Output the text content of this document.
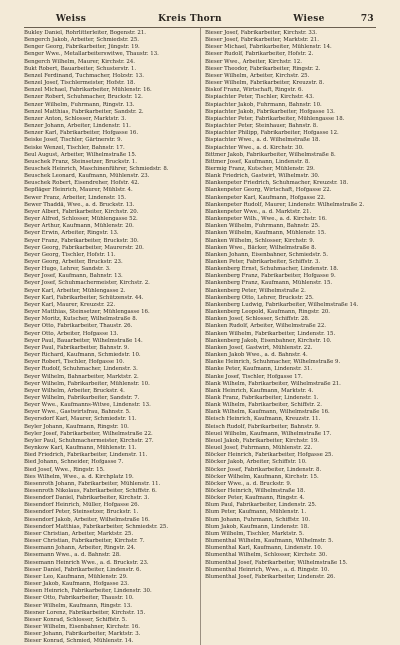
Weiss	Kreis Thorn	Wiese	73
Bukley Daniel, Rohrlitterleiter, Bogenstr. 21.
Bengerch Jakob, Arbeiter, Schmiedstr. 25.
Benger Georg, Fabrikarbeiter, Jüngstr. 19.
Benger Wwe., Metallarbeiterswitwe, Thaustr. 13.
Bengerch Wilhelm, Maurer, Kirchstr. 24.
Bukt Robert, Bauarbeiter, Schusterstr. 1.
Benzel Ferdinand, Tuchmacher, Holzstr. 13.
Benzel Josef, Tischlermeister, Hofstr. 18.
Benzel Michael, Fabrikarbeiter, Mühlenstr. 16.
Benzer Robert, Schuhmacher, Bruckstr. 12.
Benzer Wilhelm, Fuhrmann, Ringstr. 13.
Benzel Matthias, Fabrikarbeiter, Sandstr. 2.
Benzer Anton, Schlosser, Marktstr. 3.
Benzer Johann, Arbeiter, Lindenstr. 11.
Benzer Karl, Fabrikarbeiter, Hofgasse 16.
Beiske Josef, Tischler, Gärtnerstr. 9.
Beiske Wenzel, Tischler, Bahnstr. 17.
Beul August, Arbeiter, Wilhelmstraße 15.
Beuschek Franz, Steinsetzer, Bruckstr. 1.
Beuschek Heinrich, Maschinenführer, Schmiedstr. 8.
Beuschek Leonard, Kaufmann, Mühlenstr. 23.
Beuschek Robert, Eisendreher, Hofstr. 42.
Bepfläger Heinrich, Maurer, Mühlstr. 4.
Bewer Franz, Arbeiter, Lindenstr. 15.
Bewer Thaddä, Wwe., a. d. Bruckstr. 13.
Beyer Albert, Fabrikarbeiter, Kirchstr. 20.
Beyer Alfred, Schlosser, Mühlengasse 52.
Beyer Arthur, Kaufmann, Mühlenstr. 20.
Beyer Erwin, Arbeiter, Ringstr. 13.
Beyer Franz, Fabrikarbeiter, Bruckstr. 30.
Beyer Georg, Fabrikarbeiter, Maurerstr. 20.
Beyer Georg, Tischler, Hofstr. 11.
Beyer Georg, Arbeiter, Bruckstr. 23.
Beyer Hugo, Lehrer, Sandstr. 3.
Beyer Josef, Kaufmann, Bahnstr. 13.
Beyer Josef, Schuhmachermeister, Kirchstr. 2.
Beyer Karl, Arbeiter, Mühlengasse 2.
Beyer Karl, Fabrikarbeiter, Schützenstr. 44.
Beyer Karl, Maurer, Kreuzstr. 22.
Beyer Matthias, Steinsetzer, Mühlengasse 16.
Beyer Moritz, Kutscher, Wilhelmstraße 8.
Beyer Otto, Fabrikarbeiter, Thaustr. 26.
Beyer Otto, Arbeiter, Hofgasse 13.
Beyer Paul, Bauarbeiter, Wilhelmstraße 14.
Beyer Paul, Fabrikarbeiter, Bahnstr. 9.
Beyer Richard, Kaufmann, Schmiedstr. 10.
Beyer Robert, Tischler, Hofgasse 10.
Beyer Rudolf, Schuhmacher, Lindenstr. 3.
Beyer Wilhelm, Bahnarbeiter, Marktstr. 2.
Beyer Wilhelm, Fabrikarbeiter, Mühlenstr. 10.
Beyer Wilhelm, Arbeiter, Bruckstr. 4.
Beyer Wilhelm, Fabrikarbeiter, Sandstr. 7.
Beyer Wwe., Kaufmanns-Witwe, Lindenstr. 13.
Beyer Wwe., Gastwirtsfrau, Bahnstr. 5.
Beyersdorf Karl, Maurer, Schmiedstr. 11.
Beyler Johann, Kaufmann, Ringstr. 10.
Beyler Josef, Fabrikarbeiter, Wilhelmstraße 22.
Beyler Paul, Schuhmachermeister, Kirchstr. 27.
Beynkow Karl, Kaufmann, Mühlenstr. 11.
Bied Friedrich, Fabrikarbeiter, Lindenstr. 11.
Bied Johann, Schneider, Hofgasse 7.
Bied Josef, Wwe., Ringstr. 15.
Bies Wilhelm, Wwe., a. d. Kirchplatz 19.
Biesenroth Johann, Fabrikarbeiter, Mühlenstr. 11.
Biesenroth Nikolaus, Fabrikarbeiter, Schiffstr. 6.
Biesendorf Daniel, Fabrikarbeiter, Kirchstr. 3.
Biesendorf Heinrich, Müller, Hofgasse 26.
Biesendorf Peter, Steinsetzer, Bruckstr. 1.
Biesendorf Jakob, Arbeiter, Wilhelmstraße 16.
Biesendorf Matthias, Fabrikarbeiter, Schmiedstr. 25.
Bieser Christian, Arbeiter, Marktstr. 25.
Bieser Christian, Fabrikarbeiter, Kirchstr. 7.
Biesemann Johann, Arbeiter, Ringstr. 24.
Biesemann Wwe., a. d. Bahnstr. 28.
Biesemann Heinrich Wwe., a. d. Bruckstr. 23.
Bieser Daniel, Fabrikarbeiter, Lindenstr. 6.
Bieser Leo, Kaufmann, Mühlenstr. 29.
Bieser Jakob, Kaufmann, Hofgasse 23.
Biesen Heinrich, Fabrikarbeiter, Lindenstr. 30.
Bieser Otto, Fabrikarbeiter, Thaustr. 10.
Bieser Wilhelm, Kaufmann, Ringstr. 13.
Biesner Lorenz, Fabrikarbeiter, Kirchstr. 15.
Bieser Konrad, Schlosser, Schiffstr. 5.
Bieser Wilhelm, Eisenbahner, Kirchstr. 16.
Bieser Johann, Fabrikarbeiter, Marktstr. 3.
Bieser Konrad, Schmied, Mühlenstr. 14.
Bieser Josef, Fabrikarbeiter, Kirchstr. 33.
Bieser Josef, Fabrikarbeiter, Marktstr. 21.
Bieser Michael, Fabrikarbeiter, Mühlenstr. 14.
Bieser Rudolf, Fabrikarbeiter, Hofstr. 2.
Bieser Wwe., Arbeiter, Kirchstr. 12.
Bieser Theodor, Fabrikarbeiter, Ringstr. 2.
Bieser Wilhelm, Arbeiter, Kirchstr. 25.
Bieser Wilhelm, Fabrikarbeiter, Kreuzstr. 8.
Biskof Franz, Wirtschaft, Ringstr. 6.
Bispiachter Peter, Tischler, Kirchstr. 43.
Bispiachter Jakob, Fuhrmann, Bahnstr. 10.
Bispiachter Jakob, Fabrikarbeiter, Hofgasse 13.
Bispiachter Peter, Fabrikarbeiter, Mühlengasse 18.
Bispiachter Peter, Steinhauer, Bahnstr. 8.
Bispiachter Philipp, Fabrikarbeiter, Hofgasse 12.
Bispiachter Wwe., a. d. Wilhelmstraße 18.
Bispiachter Wwe., a. d. Kirchstr. 30.
Bittmer Jakob, Fabrikarbeiter, Wilhelmstraße 8.
Bittmer Josef, Kaufmann, Lindenstr. 8.
Biermig Franz, Kutscher, Mühlenstr. 29.
Blank Friedrich, Gastwirt, Wilhelmstr. 30.
Blankenpeter Friedrich, Schuhmacher, Kreuzstr. 18.
Blankenpeter Georg, Wirtschaft, Hofgasse 22.
Blankenpeter Karl, Kaufmann, Hofgasse 22.
Blankenpeter Rudolf, Maurer, Lindenstr. Wilhelmstraße 2.
Blankenpeter Wwe., a. d. Marktstr. 21.
Blankenpeter Wilh., Wwe., a. d. Kirchstr. 16.
Blanken Wilhelm, Fuhrmann, Bahnstr. 25.
Blanken Wilhelm, Kaufmann, Mühlenstr. 15.
Blanken Wilhelm, Schlosser, Kirchstr. 9.
Blanken Wwe., Bäcker, Wilhelmstraße 8.
Blanken Johann, Eisenbahner, Schmiedstr. 5.
Blanken Peter, Fabrikarbeiter, Schiffstr. 3.
Blankenberg Ernst, Schuhmacher, Lindenstr. 18.
Blankenberg Franz, Fabrikarbeiter, Hofgasse 9.
Blankenberg Franz, Kaufmann, Mühlenstr. 15.
Blankenberg Peter, Wilhelmstraße 2.
Blankenberg Otto, Lehrer, Bruckstr. 25.
Blankenberg Ludwig, Fabrikarbeiter, Wilhelmstraße 14.
Blankenberg Leopold, Kaufmann, Ringstr. 20.
Blanken Josef, Schlosser, Schiffstr. 28.
Blanken Rudolf, Arbeiter, Wilhelmstraße 22.
Blanken Wilhelm, Fabrikarbeiter, Lindenstr. 15.
Blankenberg Jakob, Eisenbahner, Kirchstr. 10.
Blanken Josef, Gastwirt, Mühlenstr. 22.
Blanken Jakob Wwe., a. d. Bahnstr. 4.
Blanke Heinrich, Schuhmacher, Wilhelmstraße 9.
Blanke Peter, Kaufmann, Lindenstr. 31.
Blanke Josef, Tischler, Hofgasse 17.
Blank Wilhelm, Fabrikarbeiter, Wilhelmstraße 21.
Blank Heinrich, Kaufmann, Marktstr. 4.
Blank Franz, Fabrikarbeiter, Lindenstr. 1.
Blank Wilhelm, Fabrikarbeiter, Schiffstr. 2.
Blank Wilhelm, Kaufmann, Wilhelmstraße 16.
Bleisch Heinrich, Kaufmann, Kreuzstr. 11.
Bleisch Rudolf, Fabrikarbeiter, Bahnstr. 9.
Bleuel Wilhelm, Kaufmann, Wilhelmstraße 17.
Bleuel Jakob, Fabrikarbeiter, Kirchstr. 19.
Bleuel Josef, Fuhrmann, Mühlenstr. 22.
Blöcker Heinrich, Fabrikarbeiter, Hofgasse 25.
Blöcker Jakob, Arbeiter, Schiffstr. 10.
Blöcker Josef, Fabrikarbeiter, Lindenstr. 8.
Blöcker Wilhelm, Kaufmann, Kirchstr. 15.
Blöcker Wwe., a. d. Bruckstr. 9.
Blöcker Heinrich, Wilhelmstraße 18.
Blöcker Peter, Kaufmann, Ringstr. 4.
Blum Paul, Fabrikarbeiter, Lindenstr. 25.
Blum Peter, Kaufmann, Mühlenstr. 1.
Blum Johann, Fuhrmann, Schiffstr. 10.
Blum Jakob, Kaufmann, Lindenstr. 18.
Blum Wilhelm, Tischler, Marktstr. 5.
Blumenthal Wilhelm, Kaufmann, Wilhelmstr. 5.
Blumenthal Karl, Kaufmann, Lindenstr. 10.
Blumenthal Wilhelm, Schlosser, Kirchstr. 30.
Blumenthal Josef, Fabrikarbeiter, Wilhelmstraße 15.
Blumenthal Heinrich, Wwe., a. d. Ringstr. 10.
Blumenthal Josef, Fabrikarbeiter, Lindenstr. 26.
